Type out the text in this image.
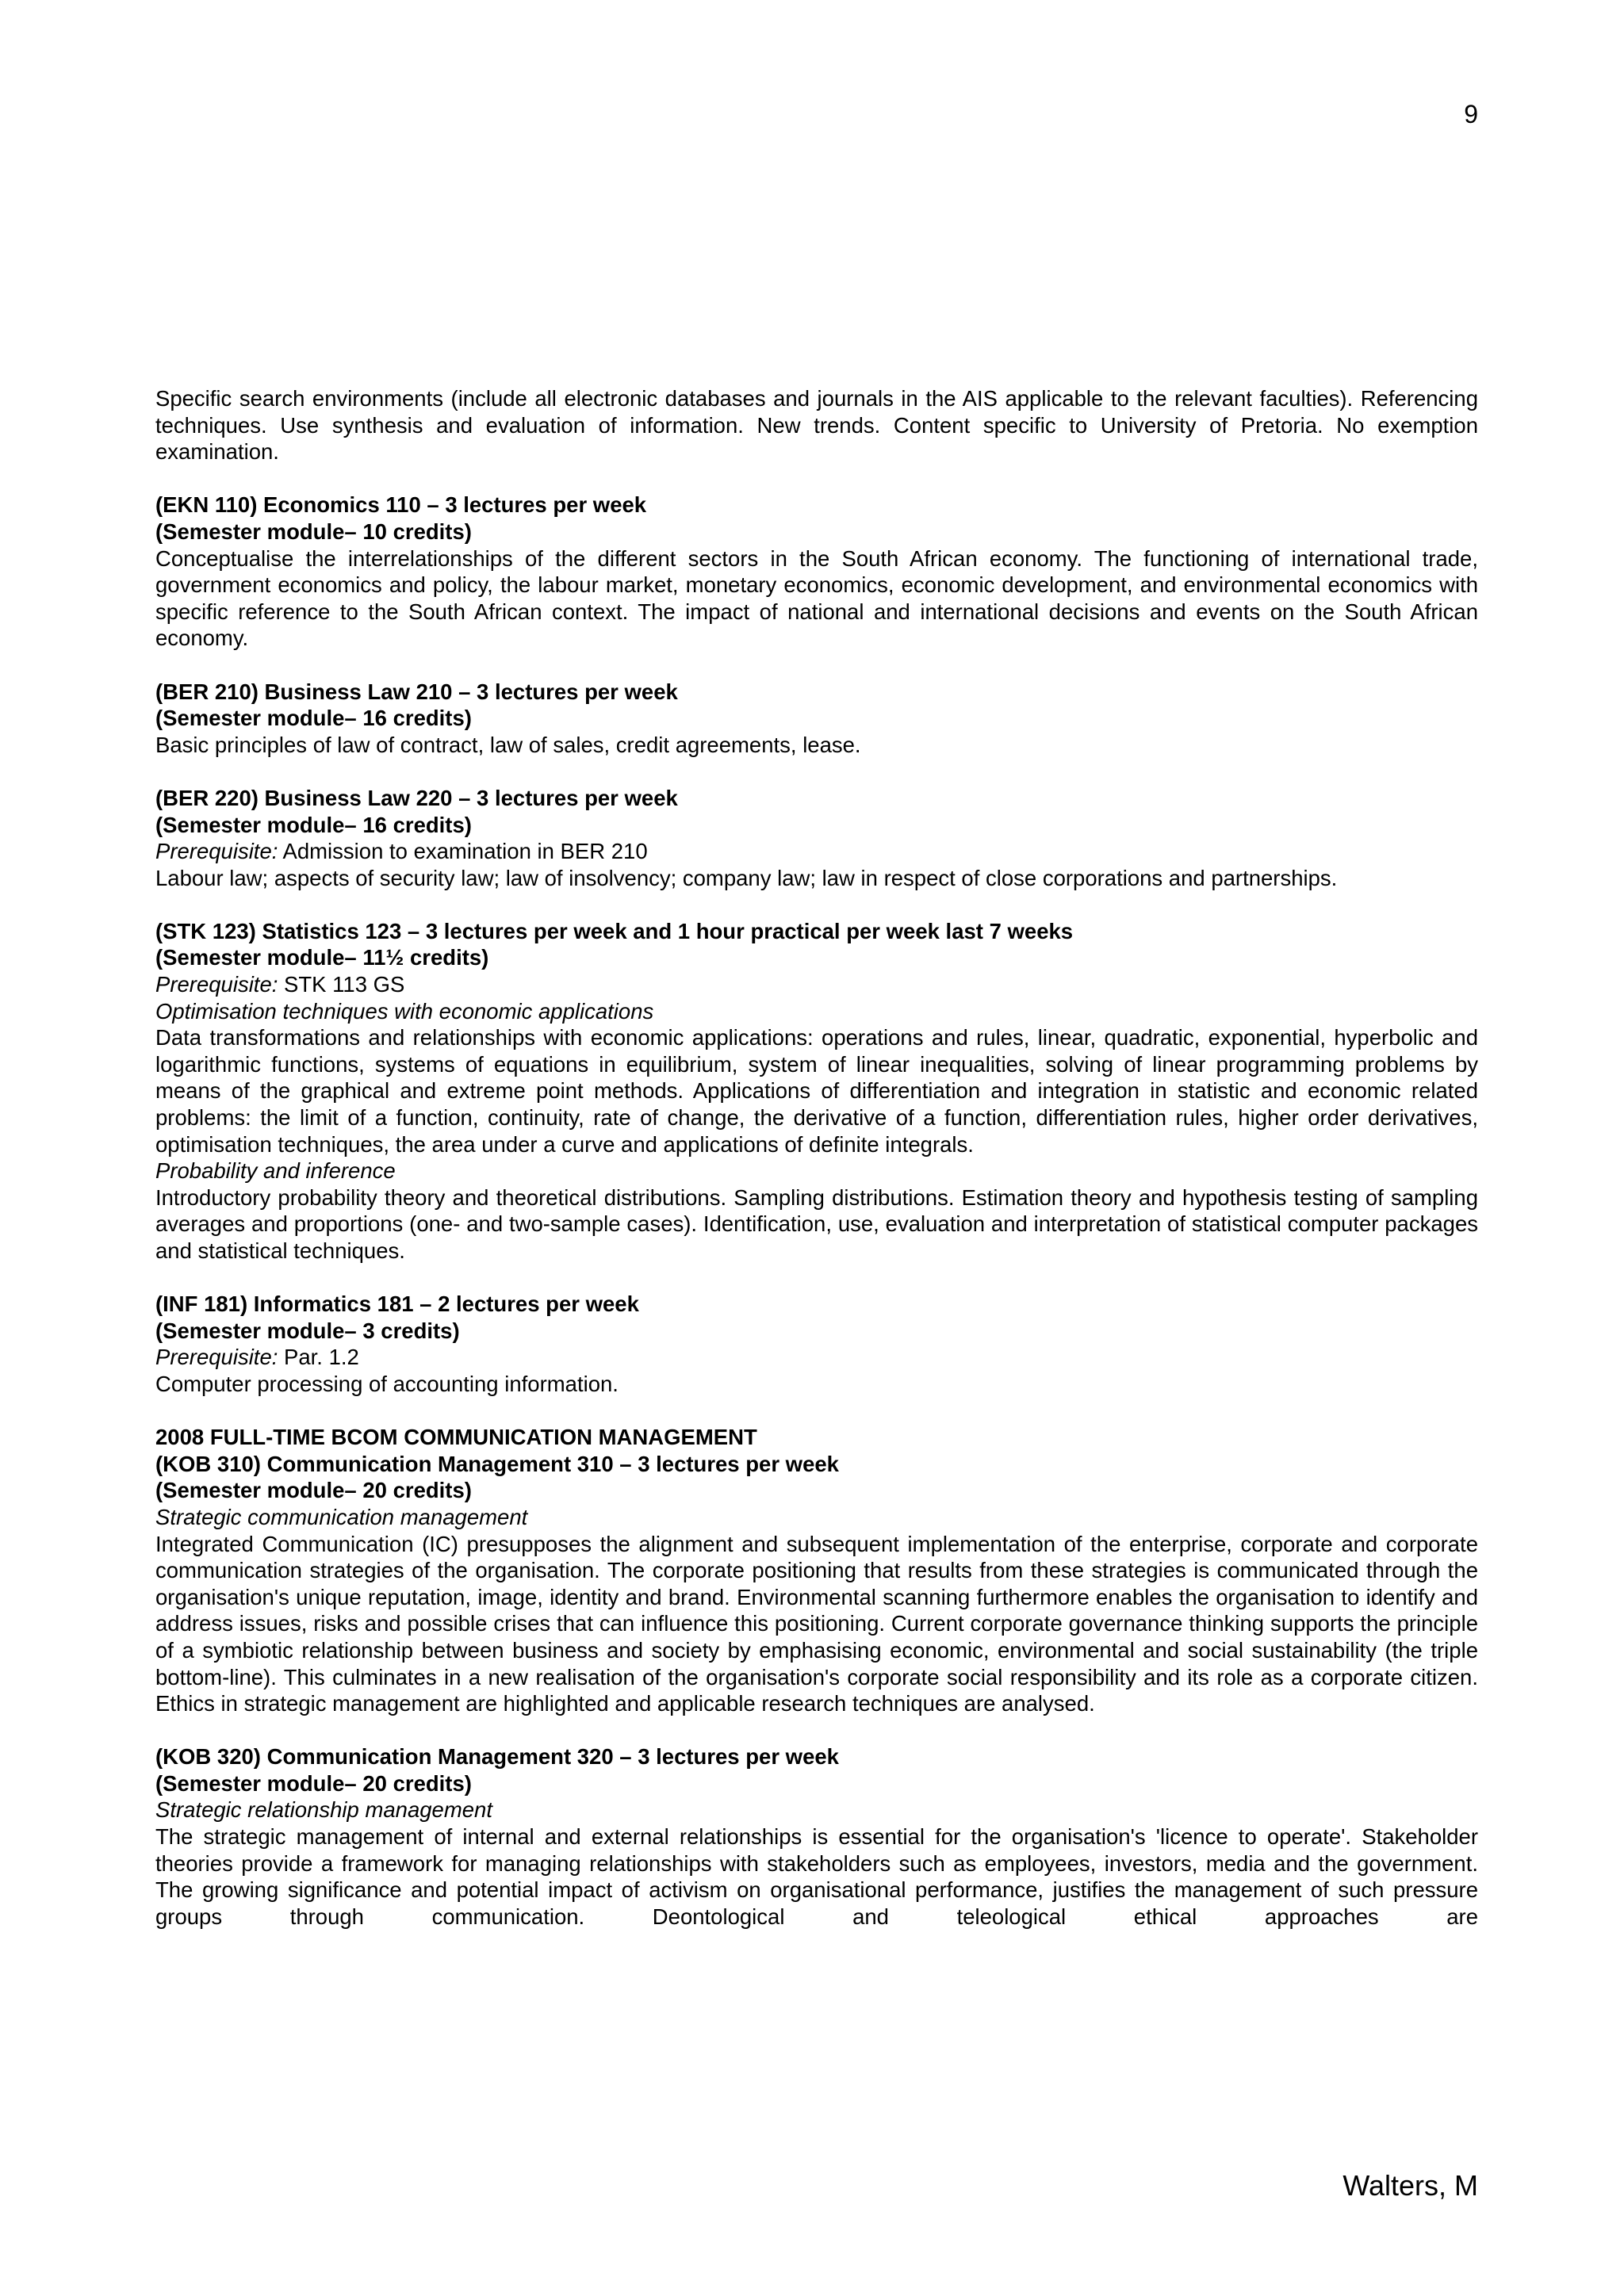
9

Specific search environments (include all electronic databases and journals in the AIS applicable to the relevant faculties). Referencing techniques. Use synthesis and evaluation of information. New trends. Content specific to University of Pretoria. No exemption examination.

(EKN 110) Economics 110 – 3 lectures per week

(Semester module– 10 credits)

Conceptualise the interrelationships of the different sectors in the South African economy. The functioning of international trade, government economics and policy, the labour market, monetary economics, economic development, and environmental economics with specific reference to the South African context. The impact of national and international decisions and events on the South African economy.

(BER 210) Business Law 210 – 3 lectures per week

(Semester module– 16 credits)

Basic principles of law of contract, law of sales, credit agreements, lease.

(BER 220) Business Law 220 – 3 lectures per week

(Semester module– 16 credits)

Prerequisite: Admission to examination in BER 210

Labour law; aspects of security law; law of insolvency; company law; law in respect of close corporations and partnerships.

(STK 123) Statistics 123 – 3 lectures per week and 1 hour practical per week last 7 weeks

(Semester module– 11½ credits)

Prerequisite: STK 113 GS

Optimisation techniques with economic applications

Data transformations and relationships with economic applications: operations and rules, linear, quadratic, exponential, hyperbolic and logarithmic functions, systems of equations in equilibrium, system of linear inequalities, solving of linear programming problems by means of the graphical and extreme point methods. Applications of differentiation and integration in statistic and economic related problems: the limit of a function, continuity, rate of change, the derivative of a function, differentiation rules, higher order derivatives, optimisation techniques, the area under a curve and applications of definite integrals.

Probability and inference

Introductory probability theory and theoretical distributions. Sampling distributions. Estimation theory and hypothesis testing of sampling averages and proportions (one- and two-sample cases). Identification, use, evaluation and interpretation of statistical computer packages and statistical techniques.

(INF 181) Informatics 181 – 2 lectures per week

(Semester module– 3 credits)

Prerequisite: Par. 1.2

Computer processing of accounting information.

2008 FULL-TIME BCOM COMMUNICATION MANAGEMENT

(KOB 310) Communication Management 310 – 3 lectures per week

(Semester module– 20 credits)

Strategic communication management

Integrated Communication (IC) presupposes the alignment and subsequent implementation of the enterprise, corporate and corporate communication strategies of the organisation. The corporate positioning that results from these strategies is communicated through the organisation's unique reputation, image, identity and brand. Environmental scanning furthermore enables the organisation to identify and address issues, risks and possible crises that can influence this positioning. Current corporate governance thinking supports the principle of a symbiotic relationship between business and society by emphasising economic, environmental and social sustainability (the triple bottom-line). This culminates in a new realisation of the organisation's corporate social responsibility and its role as a corporate citizen. Ethics in strategic management are highlighted and applicable research techniques are analysed.

(KOB 320) Communication Management 320 – 3 lectures per week

(Semester module– 20 credits)

Strategic relationship management

The strategic management of internal and external relationships is essential for the organisation's 'licence to operate'. Stakeholder theories provide a framework for managing relationships with stakeholders such as employees, investors, media and the government. The growing significance and potential impact of activism on organisational performance, justifies the management of such pressure groups through communication. Deontological and teleological ethical approaches are

Walters, M
